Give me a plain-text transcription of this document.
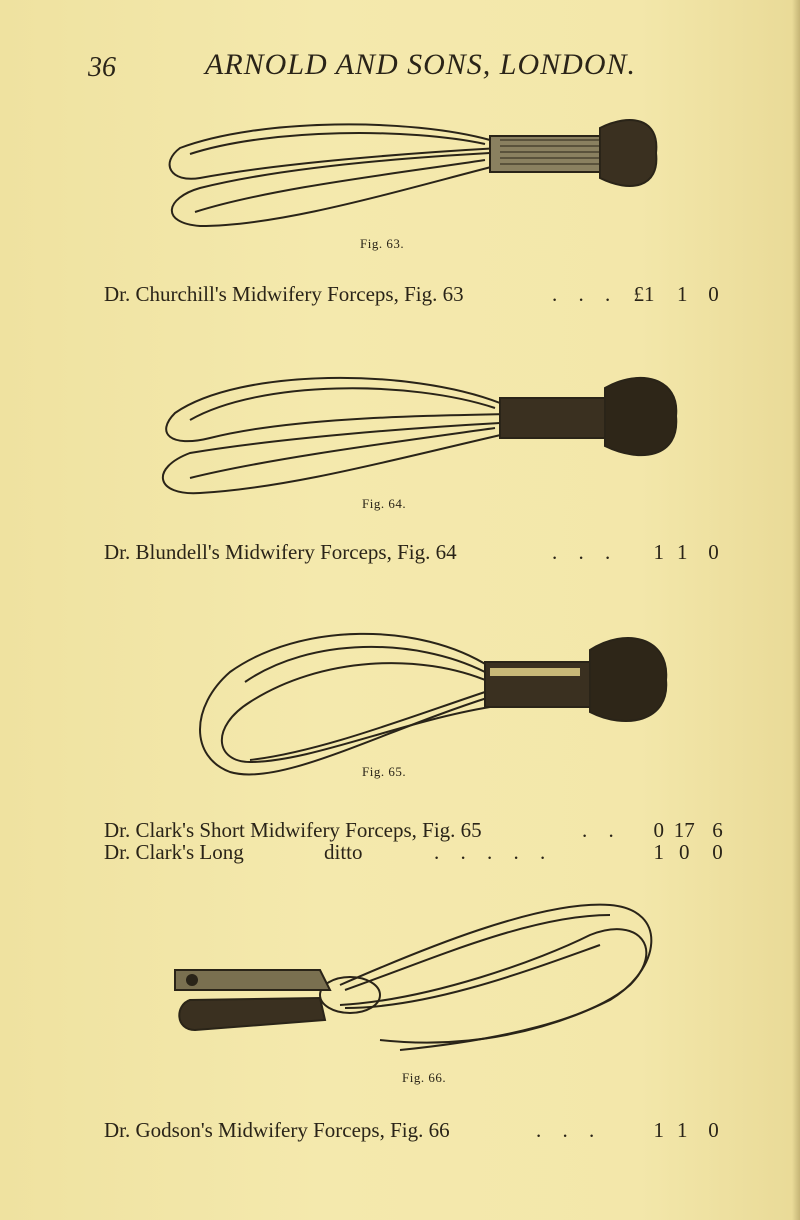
36	ARNOLD AND SONS, LONDON.
Fig. 63.
Dr. Churchill's Midwifery Forceps, Fig. 63	. . . £1 1 0
Fig. 64.
Dr. Blundell's Midwifery Forceps, Fig. 64	. . .	1 1 0
Fig. 65.
Dr. Clark's Short Midwifery Forceps, Fig. 65	. .	0 17 6
Dr. Clark's Long	ditto	. . . . .	1 0 0
Fig. 66.
Dr. Godson's Midwifery Forceps, Fig. 66	. . .	1 1 0
